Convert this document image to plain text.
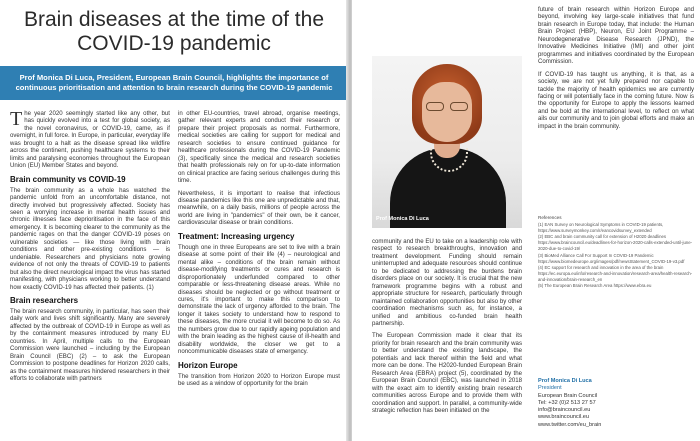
Brain diseases at the time of the
COVID-19 pandemic
Prof Monica Di Luca, President, European Brain Council, highlights the importance of continuous prioritisation and attention to brain research during the COVID-19 pandemic

The year 2020 seemingly started like any other, but has quickly evolved into a test for global society, as the novel coronavirus, or COVID-19, came, as if overnight, in full force. In Europe, in particular, everyday life was brought to a halt as the disease spread like wildfire across the continent, pushing healthcare systems to their limits and paralysing economies throughout the European Union (EU) Member States and beyond.

Brain community vs COVID-19

The brain community as a whole has watched the pandemic unfold from an uncomfortable distance, not directly involved but progressively affected. Society has seen a worrying increase in mental health issues and chronic illnesses face deprioritisation in the face of this emergency. It is becoming clearer to the community as the pandemic rages on that the danger COVID-19 poses on vulnerable societies — like those living with brain conditions and other pre-existing conditions — is undeniable. Researchers and physicians note growing evidence of not only the threats of COVID-19 to patients but also the direct neurological impact the virus has started manifesting, with physicians working to better understand how exactly COVID-19 has affected their patients. (1)

Brain researchers

The brain research community, in particular, has seen their daily work and lives shift significantly. Many are severely affected by the outbreak of COVID-19 in Europe as well as by the containment measures introduced by many EU countries. In April, multiple calls to the European Commission were launched – including by the European Brain Council (EBC) (2) – to ask the European Commission to postpone deadlines for Horizon 2020 calls, as the containment measures hindered researchers in their efforts to collaborate with partners

in other EU-countries, travel abroad, organise meetings, gather relevant experts and conduct their research or prepare their project proposals as normal. Furthermore, medical societies are calling for support for medical and research societies to ensure continued guidance for healthcare professionals during the COVID-19 Pandemic (3), specifically since the medical and research societies that health professionals rely on for up-to-date information on clinical practice are facing serious challenges during this time.

Nevertheless, it is important to realise that infectious disease pandemics like this one are unpredictable and that, meanwhile, on a daily basis, millions of people across the world are living in "pandemics" of their own, be it cancer, cardiovascular disease or brain conditions.

Treatment: Increasing urgency

Though one in three Europeans are set to live with a brain disease at some point of their life (4) – neurological and mental alike – conditions of the brain remain without disease-modifying treatments or cures and research is disproportionately underfunded compared to other comparable or less-threatening disease areas. While no diseases should be neglected or go without treatment or cures, it's important to make this comparison to demonstrate the lack of urgency afforded to the brain. The longer it takes society to understand how to respond to these diseases, the more crucial it will become to do so. As the numbers grow due to our rapidly ageing population and with the brain leading as the highest cause of ill-health and disability worldwide, the closer we get to a noncommunicable diseases state of emergency.

Horizon Europe

The transition from Horizon 2020 to Horizon Europe must be used as a window of opportunity for the brain

Prof Monica Di Luca

community and the EU to take on a leadership role with respect to research breakthroughs, innovation and treatment development. Funding should remain uninterrupted and adequate resources should continue to be dedicated to addressing the burdens brain disorders place on our society. It is crucial that the new framework programme begins with a robust and appropriate structure for research, particularly through maintained collaboration opportunities but also by other coordination mechanisms such as, for instance, a unified and ambitious co-funded brain health partnership.

The European Commission made it clear that its priority for brain research and the brain community was to better understand the existing landscape, the potentials and lack thereof within the field and what more can be done. The H2020-funded European Brain Research Area (EBRA) project (5), coordinated by the European Brain Council (EBC), was launched in 2018 with the exact aim to identify existing brain research communities across Europe and to provide them with coordination and support. In parallel, a community-wide strategic reflection has been initiated on the

future of brain research within Horizon Europe and beyond, involving key large-scale initiatives that fund brain research in Europe today, that include: the Human Brain Project (HBP), Neuron, EU Joint Programme – Neurodegenerative Disease Research (JPND), the Innovative Medicines Initiative (IMI) and other joint programmes and initiatives coordinated by the European Commission.

If COVID-19 has taught us anything, it is that, as a society, we are not yet fully prepared nor capable to tackle the majority of health epidemics we are currently facing or will potentially face in the coming future. Now is the opportunity for Europe to apply the lessons learned and be bold at the international level, to reflect on what ails our community and to join global efforts and make an impact in the brain community.

References
(1) EAN Survey on Neurological Symptoms in COVID-19 patients, https://www.surveymonkey.com/r/eancovidsurvey_extended
(2) EBC and brain community call for extension of H2020 deadlines https://www.braincouncil.eu/deadlines-for-horizon-2020-calls-extended-until-june-2020-due-to-covid-19/
(3) BioMed Alliance Call For Support In COVID-19 Pandemic https://www.biomedeurope.org/images/pdf/newsStatement_COVID-19-v3.pdf
(4) EC support for research and innovation in the area of the brain https://ec.europa.eu/info/research-and-innovation/research-area/health-research-and-innovation/brain-research_en
(5) The European Brain Research Area https://www.ebra.eu
Prof Monica Di Luca
President
European Brain Council
Tel: +32 (0)2 513 27 57
info@braincouncil.eu
www.braincouncil.eu
www.twitter.com/eu_brain
